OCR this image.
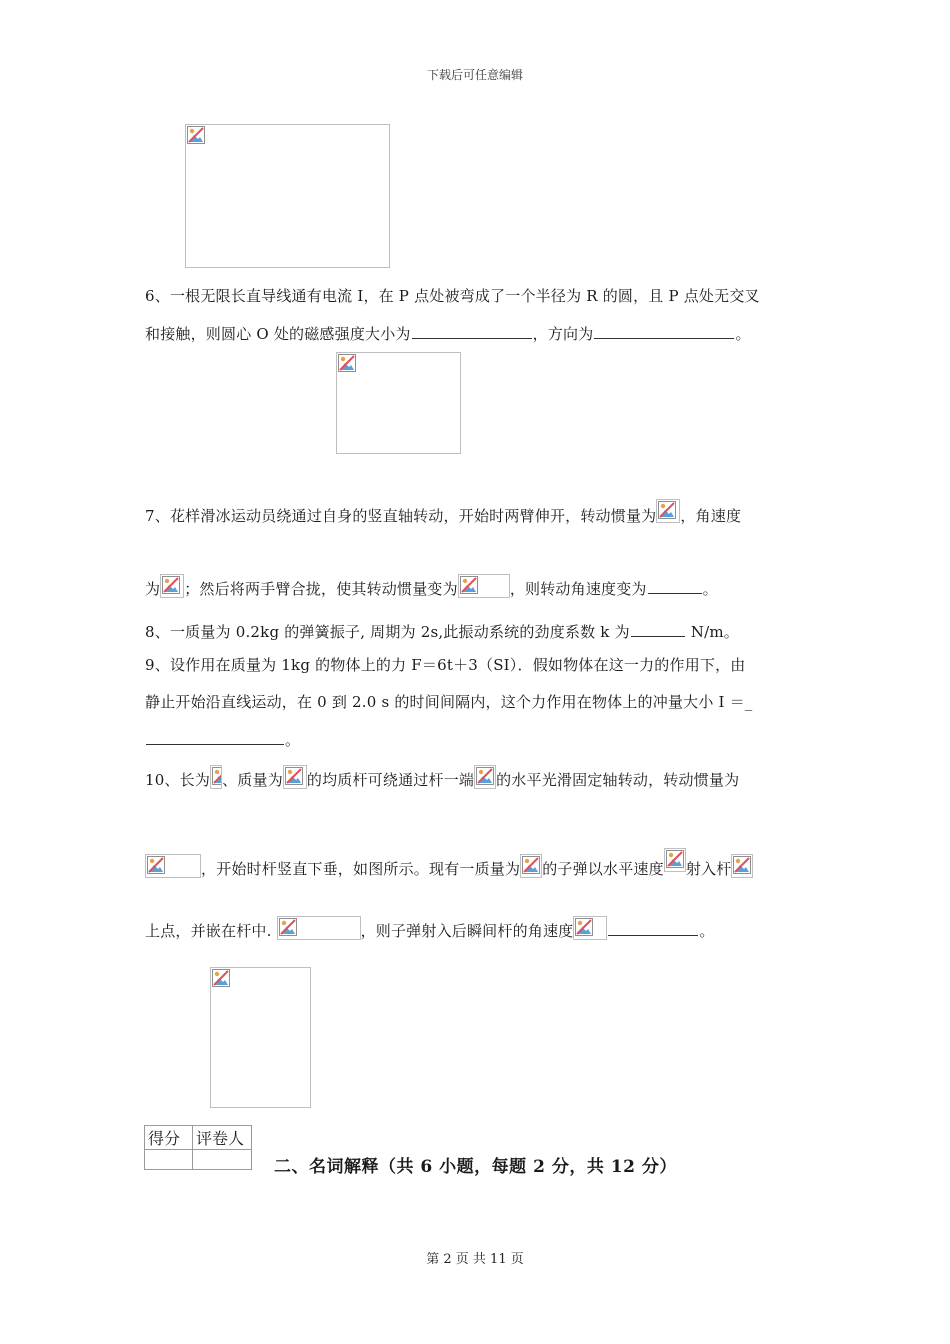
下载后可任意编辑
6、一根无限长直导线通有电流 I，在 P 点处被弯成了一个半径为 R 的圆，且 P 点处无交叉
和接触，则圆心 O 处的磁感强度大小为	，方向为	。
7、花样滑冰运动员绕通过自身的竖直轴转动，开始时两臂伸开，转动惯量为 ，角速度
为 ；然后将两手臂合拢，使其转动惯量变为	，则转动角速度变为	。
8、一质量为 0.2kg 的弹簧振子, 周期为 2s,此振动系统的劲度系数 k 为	N/m。
9、设作用在质量为 1kg 的物体上的力 F＝6t＋3（SI）．假如物体在这一力的作用下，由
静止开始沿直线运动，在 0 到 2.0 s 的时间间隔内，这个力作用在物体上的冲量大小 I ＝_
。
10、长为 、质量为 的均质杆可绕通过杆一端 的水平光滑固定轴转动，转动惯量为
，开始时杆竖直下垂，如图所示。现有一质量为 的子弹以水平速度 射入杆
上点，并嵌在杆中.	，则子弹射入后瞬间杆的角速度	。
得分	评卷人

二、名词解释（共 6 小题，每题 2 分，共 12 分）
第 2 页 共 11 页
